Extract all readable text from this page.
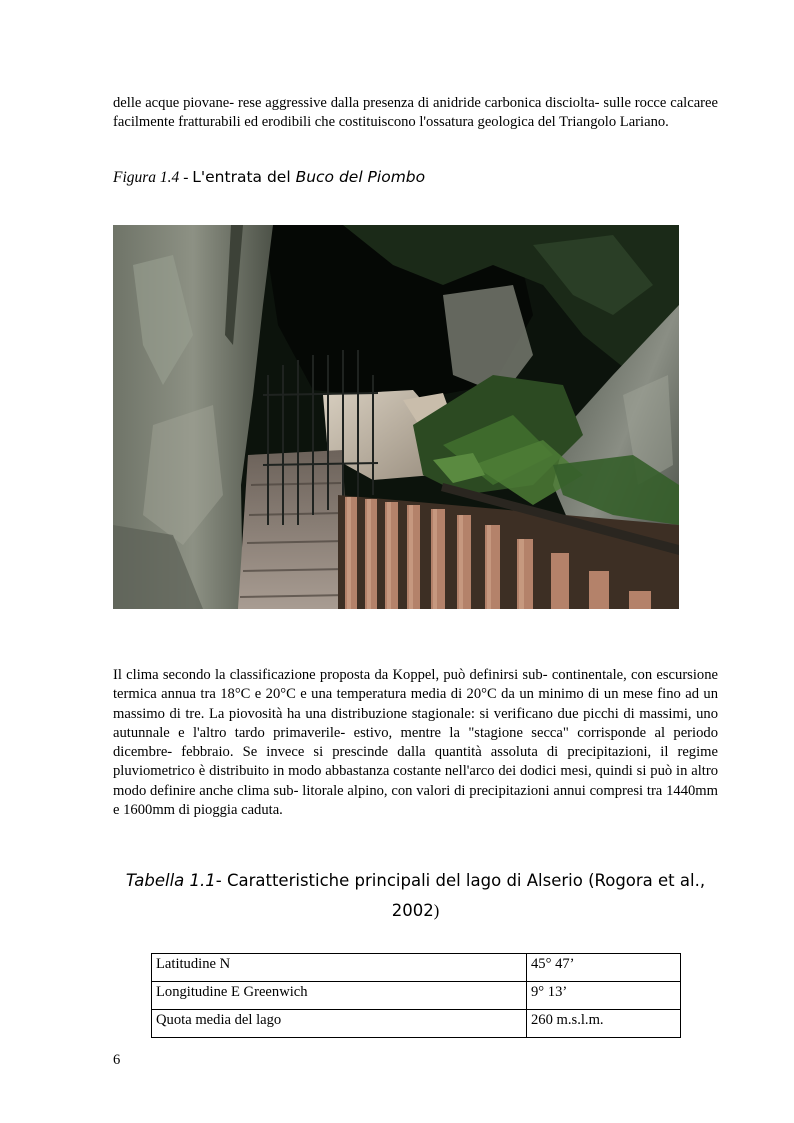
delle acque piovane- rese aggressive dalla presenza di anidride carbonica disciolta- sulle rocce calcaree facilmente fratturabili ed erodibili che costituiscono l'ossatura geologica del Triangolo Lariano.

Figura 1.4 - L'entrata del Buco del Piombo

Il clima secondo la classificazione proposta da Koppel, può definirsi sub- continentale, con escursione termica annua tra 18°C e 20°C e una temperatura media di 20°C da un minimo di un mese fino ad un massimo di tre. La piovosità ha una distribuzione stagionale: si verificano due picchi di massimi, uno autunnale e l'altro tardo primaverile- estivo, mentre la "stagione secca" corrisponde al periodo dicembre- febbraio. Se invece si prescinde dalla quantità assoluta di precipitazioni, il regime pluviometrico è distribuito in modo abbastanza costante nell'arco dei dodici mesi, quindi si può in altro modo definire anche clima sub- litorale alpino, con valori di precipitazioni annui compresi tra 1440mm e 1600mm di pioggia caduta.

Tabella 1.1- Caratteristiche principali del lago di Alserio (Rogora et al., 2002)
Latitudine N	45° 47’
Longitudine E Greenwich	9° 13’
Quota media del lago	260 m.s.l.m.
6
